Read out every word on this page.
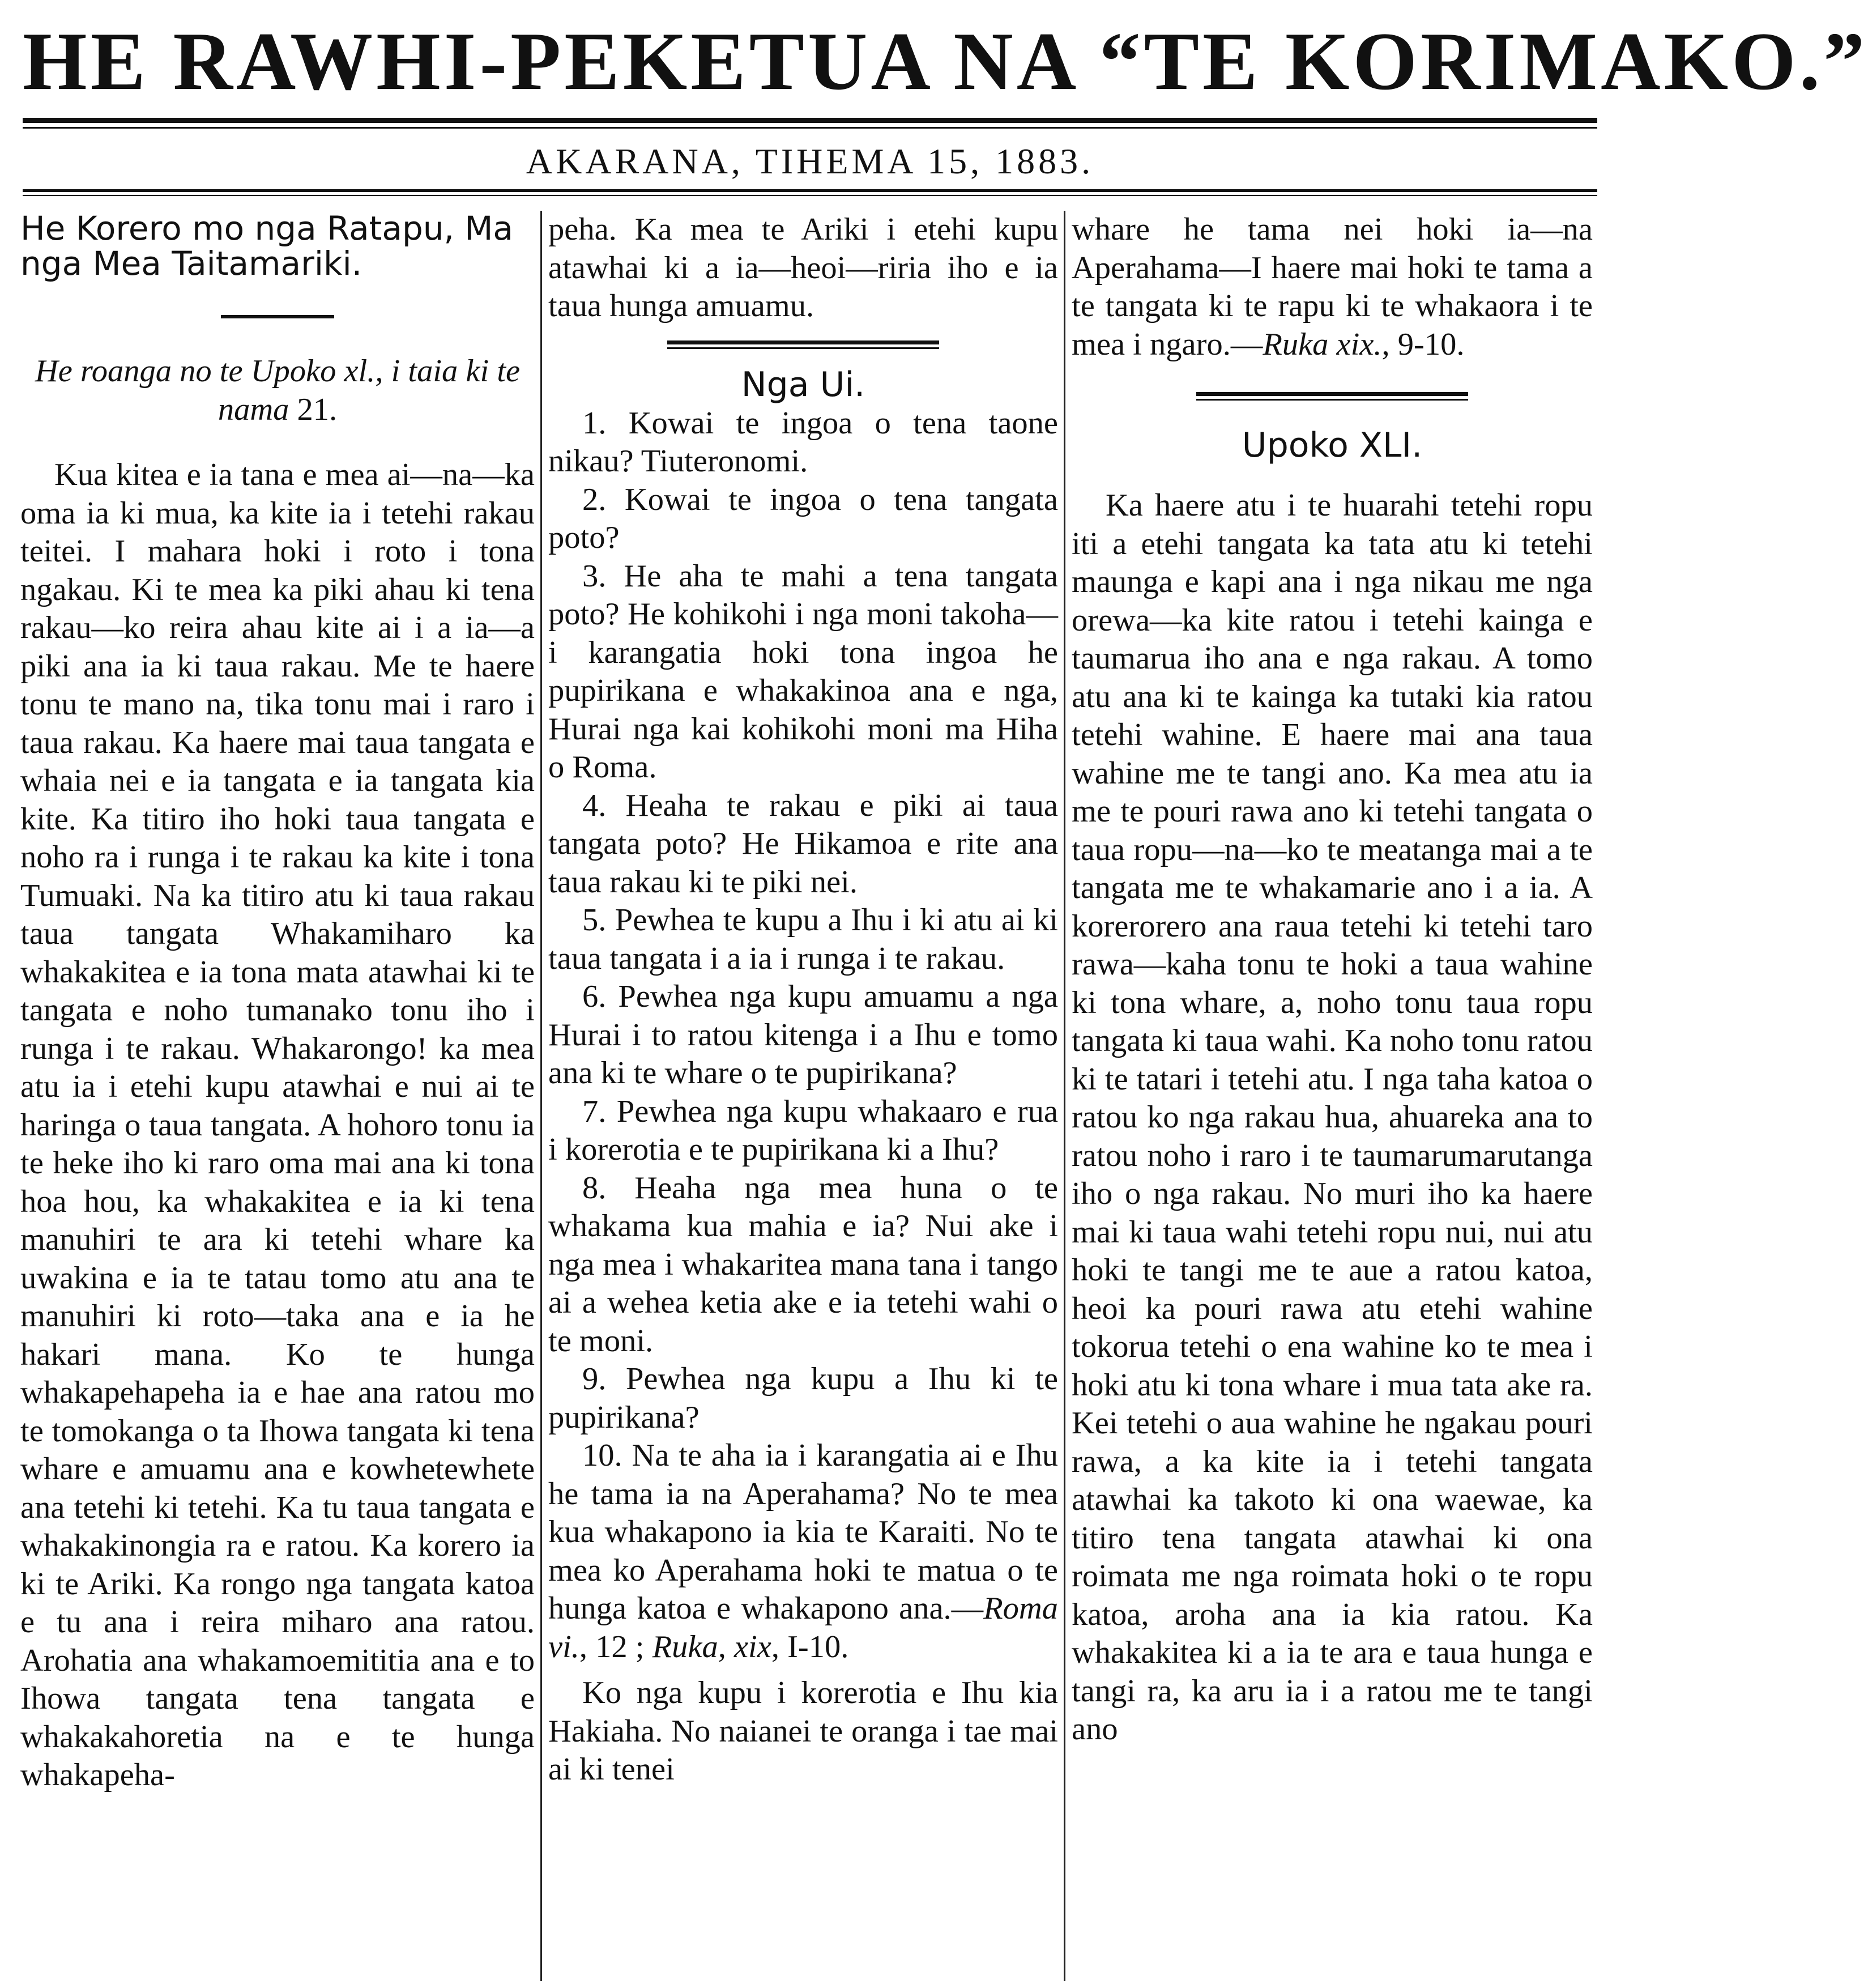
HE RAWHI-PEKETUA NA “TE KORIMAKO.”
AKARANA, TIHEMA 15, 1883.

He Korero mo nga Ratapu, Ma nga Mea Taitamariki.

He roanga no te Upoko xl., i taia ki te nama 21.

Kua kitea e ia tana e mea ai—na—ka oma ia ki mua, ka kite ia i tetehi rakau teitei. I mahara hoki i roto i tona ngakau. Ki te mea ka piki ahau ki tena rakau—ko reira ahau kite ai i a ia—a piki ana ia ki taua rakau. Me te haere tonu te mano na, tika tonu mai i raro i taua rakau. Ka haere mai taua tangata e whaia nei e ia tangata e ia tangata kia kite. Ka titiro iho hoki taua tangata e noho ra i runga i te rakau ka kite i tona Tumuaki. Na ka titiro atu ki taua rakau taua tangata Whakamiharo ka whakakitea e ia tona mata atawhai ki te tangata e noho tumanako tonu iho i runga i te rakau. Whakarongo! ka mea atu ia i etehi kupu atawhai e nui ai te haringa o taua tangata. A hohoro tonu ia te heke iho ki raro oma mai ana ki tona hoa hou, ka whakakitea e ia ki tena manuhiri te ara ki tetehi whare ka uwakina e ia te tatau tomo atu ana te manuhiri ki roto—taka ana e ia he hakari mana. Ko te hunga whakapehapeha ia e hae ana ratou mo te tomokanga o ta Ihowa tangata ki tena whare e amuamu ana e kowhetewhete ana tetehi ki tetehi. Ka tu taua tangata e whakakinongia ra e ratou. Ka korero ia ki te Ariki. Ka rongo nga tangata katoa e tu ana i reira miharo ana ratou. Arohatia ana whakamoemititia ana e to Ihowa tangata tena tangata e whakakahoretia na e te hunga whakapeha-

peha. Ka mea te Ariki i etehi kupu atawhai ki a ia—heoi—riria iho e ia taua hunga amuamu.

Nga Ui.

1. Kowai te ingoa o tena taone nikau? Tiuteronomi.

2. Kowai te ingoa o tena tangata poto?

3. He aha te mahi a tena tangata poto? He kohikohi i nga moni takoha—i karangatia hoki tona ingoa he pupirikana e whakakinoa ana e nga, Hurai nga kai kohikohi moni ma Hiha o Roma.

4. Heaha te rakau e piki ai taua tangata poto? He Hikamoa e rite ana taua rakau ki te piki nei.

5. Pewhea te kupu a Ihu i ki atu ai ki taua tangata i a ia i runga i te rakau.

6. Pewhea nga kupu amuamu a nga Hurai i to ratou kitenga i a Ihu e tomo ana ki te whare o te pupirikana?

7. Pewhea nga kupu whakaaro e rua i korerotia e te pupirikana ki a Ihu?

8. Heaha nga mea huna o te whakama kua mahia e ia? Nui ake i nga mea i whakaritea mana tana i tango ai a wehea ketia ake e ia tetehi wahi o te moni.

9. Pewhea nga kupu a Ihu ki te pupirikana?

10. Na te aha ia i karangatia ai e Ihu he tama ia na Aperahama? No te mea kua whakapono ia kia te Karaiti. No te mea ko Aperahama hoki te matua o te hunga katoa e whakapono ana.—Roma vi., 12 ; Ruka, xix, I-10.

Ko nga kupu i korerotia e Ihu kia Hakiaha. No naianei te oranga i tae mai ai ki tenei

whare he tama nei hoki ia—na Aperahama—I haere mai hoki te tama a te tangata ki te rapu ki te whakaora i te mea i ngaro.—Ruka xix., 9-10.

Upoko XLI.

Ka haere atu i te huarahi tetehi ropu iti a etehi tangata ka tata atu ki tetehi maunga e kapi ana i nga nikau me nga orewa—ka kite ratou i tetehi kainga e taumarua iho ana e nga rakau. A tomo atu ana ki te kainga ka tutaki kia ratou tetehi wahine. E haere mai ana taua wahine me te tangi ano. Ka mea atu ia me te pouri rawa ano ki tetehi tangata o taua ropu—na—ko te meatanga mai a te tangata me te whakamarie ano i a ia. A korerorero ana raua tetehi ki tetehi taro rawa—kaha tonu te hoki a taua wahine ki tona whare, a, noho tonu taua ropu tangata ki taua wahi. Ka noho tonu ratou ki te tatari i tetehi atu. I nga taha katoa o ratou ko nga rakau hua, ahuareka ana to ratou noho i raro i te taumarumarutanga iho o nga rakau. No muri iho ka haere mai ki taua wahi tetehi ropu nui, nui atu hoki te tangi me te aue a ratou katoa, heoi ka pouri rawa atu etehi wahine tokorua tetehi o ena wahine ko te mea i hoki atu ki tona whare i mua tata ake ra. Kei tetehi o aua wahine he ngakau pouri rawa, a ka kite ia i tetehi tangata atawhai ka takoto ki ona waewae, ka titiro tena tangata atawhai ki ona roimata me nga roimata hoki o te ropu katoa, aroha ana ia kia ratou. Ka whakakitea ki a ia te ara e taua hunga e tangi ra, ka aru ia i a ratou me te tangi ano
